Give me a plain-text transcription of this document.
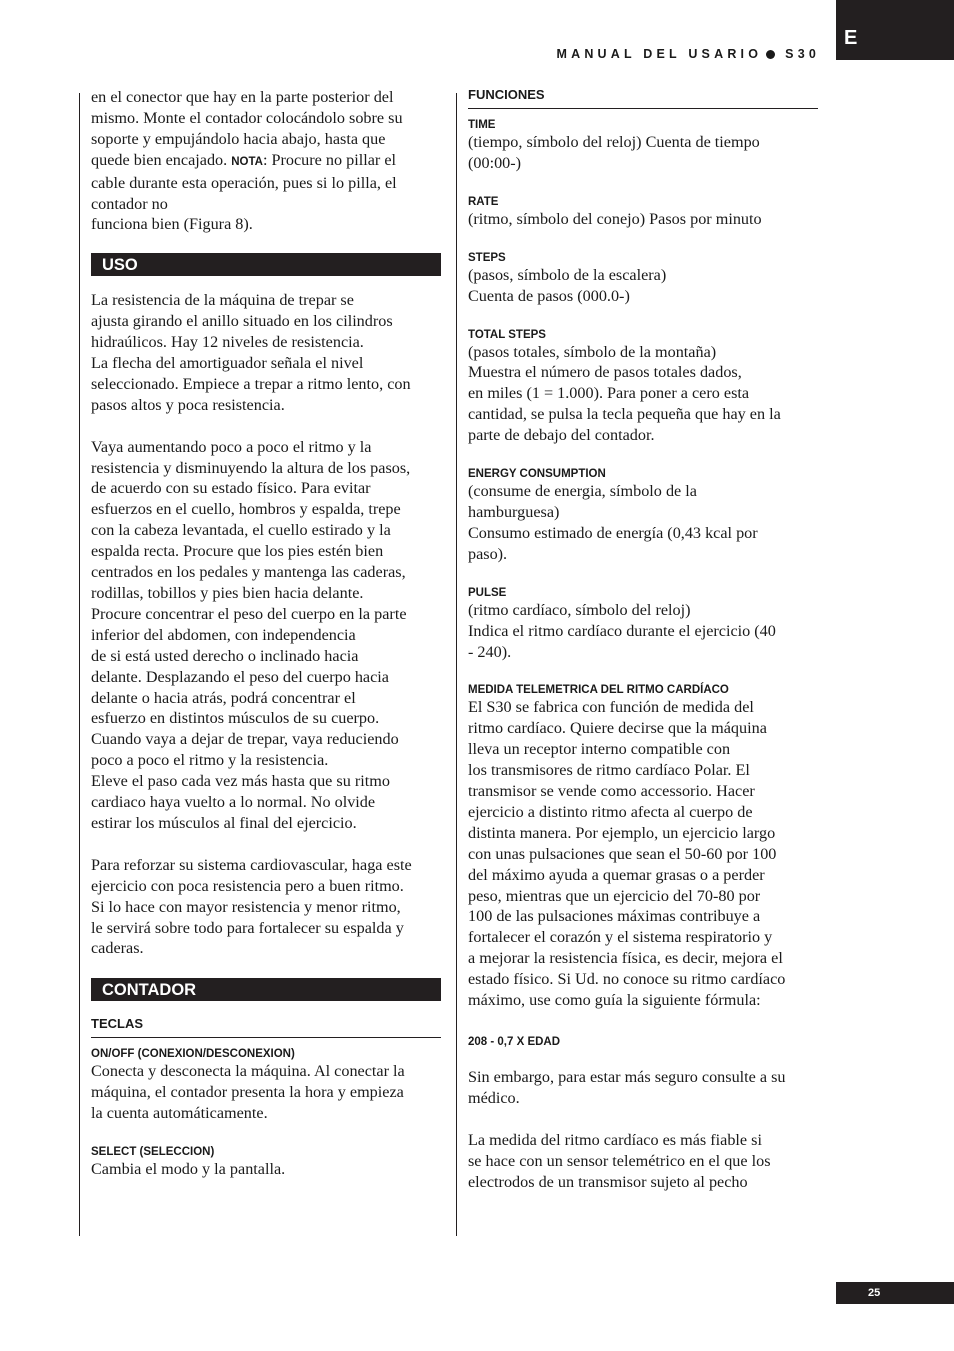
E
MANUAL DEL USARIO S30

en el conector que hay en la parte posterior del
mismo. Monte el contador colocándolo sobre su
soporte y empujándolo hacia abajo, hasta que
quede bien encajado. NOTA: Procure no pillar el
cable durante esta operación, pues si lo pilla, el
contador no
funciona bien (Figura 8).

USO

La resistencia de la máquina de trepar se
ajusta girando el anillo situado en los cilindros
hidraúlicos. Hay 12 niveles de resistencia.
La flecha del amortiguador señala el nivel
seleccionado. Empiece a trepar a ritmo lento, con
pasos altos y poca resistencia.

Vaya aumentando poco a poco el ritmo y la
resistencia y disminuyendo la altura de los pasos,
de acuerdo con su estado físico. Para evitar
esfuerzos en el cuello, hombros y espalda, trepe
con la cabeza levantada, el cuello estirado y la
espalda recta. Procure que los pies estén bien
centrados en los pedales y mantenga las caderas,
rodillas, tobillos y pies bien hacia delante.
Procure concentrar el peso del cuerpo en la parte
inferior del abdomen, con independencia
de si está usted derecho o inclinado hacia
delante. Desplazando el peso del cuerpo hacia
delante o hacia atrás, podrá concentrar el
esfuerzo en distintos músculos de su cuerpo.
Cuando vaya a dejar de trepar, vaya reduciendo
poco a poco el ritmo y la resistencia.
Eleve el paso cada vez más hasta que su ritmo
cardiaco haya vuelto a lo normal. No olvide
estirar los músculos al final del ejercicio.

Para reforzar su sistema cardiovascular, haga este
ejercicio con poca resistencia pero a buen ritmo.
Si lo hace con mayor resistencia y menor ritmo,
le servirá sobre todo para fortalecer su espalda y
caderas.

CONTADOR
TECLAS

ON/OFF (CONEXION/DESCONEXION)

Conecta y desconecta la máquina. Al conectar la
máquina, el contador presenta la hora y empieza
la cuenta automáticamente.

SELECT (SELECCION)

Cambia el modo y la pantalla.

FUNCIONES

TIME

(tiempo, símbolo del reloj) Cuenta de tiempo
(00:00-)

RATE

(ritmo, símbolo del conejo) Pasos por minuto

STEPS

(pasos, símbolo de la escalera)
Cuenta de pasos (000.0-)

TOTAL STEPS

(pasos totales, símbolo de la montaña)
Muestra el número de pasos totales dados,
en miles (1 = 1.000). Para poner a cero esta
cantidad, se pulsa la tecla pequeña que hay en la
parte de debajo del contador.

ENERGY CONSUMPTION

(consume de energia, símbolo de la
hamburguesa)
Consumo estimado de energía (0,43 kcal por
paso).

PULSE

(ritmo cardíaco, símbolo del reloj)
Indica el ritmo cardíaco durante el ejercicio (40
- 240).

MEDIDA TELEMETRICA DEL RITMO CARDÍACO

El S30 se fabrica con función de medida del
ritmo cardíaco. Quiere decirse que la máquina
lleva un receptor interno compatible con
los transmisores de ritmo cardíaco Polar. El
transmisor se vende como accessorio. Hacer
ejercicio a distinto ritmo afecta al cuerpo de
distinta manera. Por ejemplo, un ejercicio largo
con unas pulsaciones que sean el 50-60 por 100
del máximo ayuda a quemar grasas o a perder
peso, mientras que un ejercicio del 70-80 por
100 de las pulsaciones máximas contribuye a
fortalecer el corazón y el sistema respiratorio y
a mejorar la resistencia física, es decir, mejora el
estado físico. Si Ud. no conoce su ritmo cardíaco
máximo, use como guía la siguiente fórmula:

208 - 0,7 X EDAD

Sin embargo, para estar más seguro consulte a su
médico.

La medida del ritmo cardíaco es más fiable si
se hace con un sensor telemétrico en el que los
electrodos de un transmisor sujeto al pecho

25
